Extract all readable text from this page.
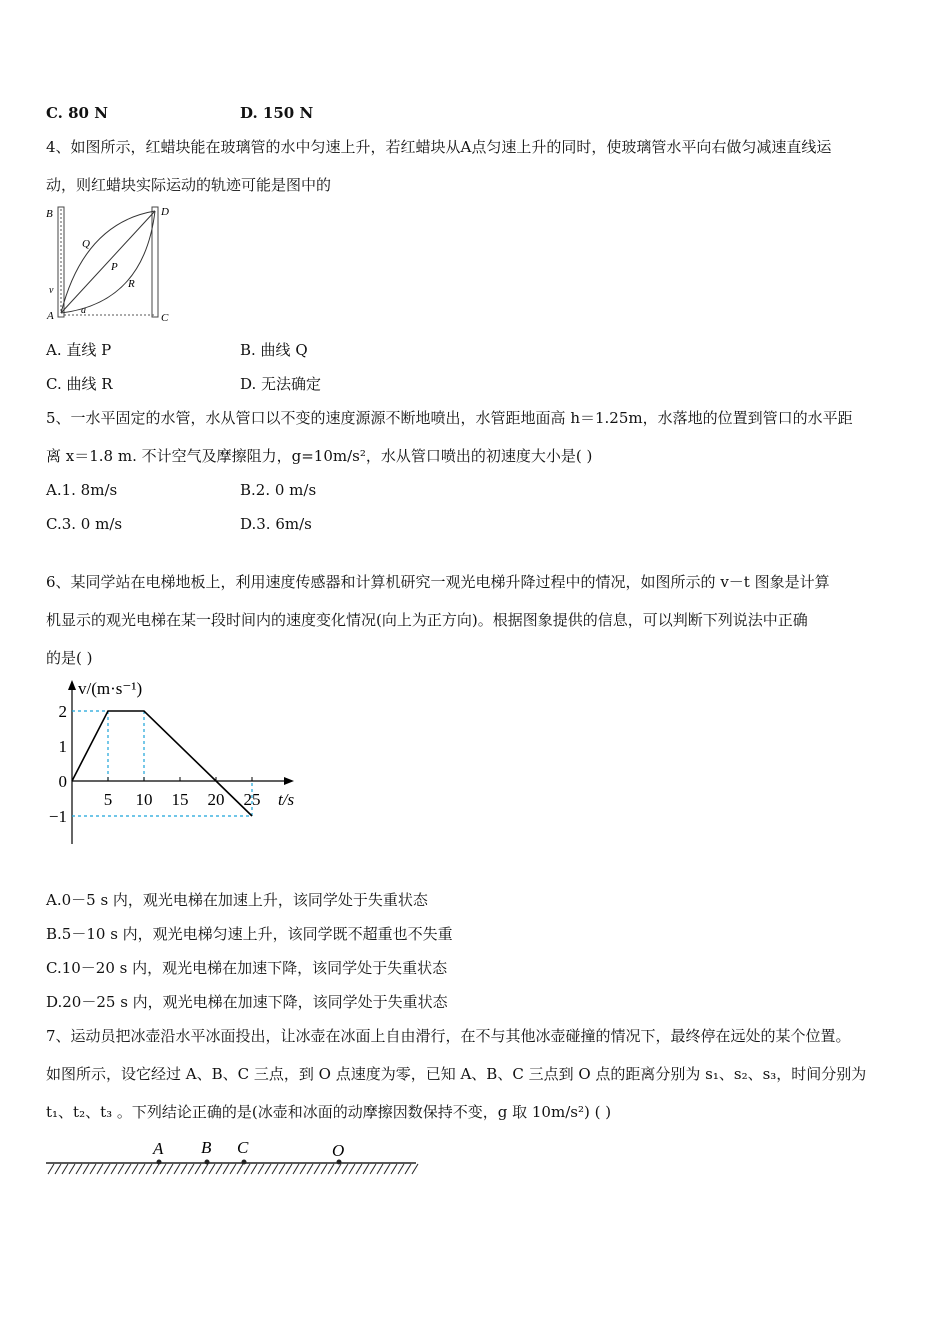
C. 80 N	D. 150 N
4、如图所示，红蜡块能在玻璃管的水中匀速上升，若红蜡块从A点匀速上升的同时，使玻璃管水平向右做匀减速直线运
动，则红蜡块实际运动的轨迹可能是图中的
B	D
Q
P
R
v
A	a
C
A. 直线 P	B. 曲线 Q
C. 曲线 R	D. 无法确定
5、一水平固定的水管，水从管口以不变的速度源源不断地喷出，水管距地面高 h＝1.25m，水落地的位置到管口的水平距
离 x＝1.8 m. 不计空气及摩擦阻力，g=10m/s²，水从管口喷出的初速度大小是( )
A.1. 8m/s	B.2. 0 m/s
C.3. 0 m/s	D.3. 6m/s
6、某同学站在电梯地板上，利用速度传感器和计算机研究一观光电梯升降过程中的情况，如图所示的 v－t 图象是计算
机显示的观光电梯在某一段时间内的速度变化情况(向上为正方向)。根据图象提供的信息，可以判断下列说法中正确
的是( )
5 10 15 20 25
2
1
0
−1
v/(m·s⁻¹)
t/s
A.0－5 s 内，观光电梯在加速上升，该同学处于失重状态
B.5－10 s 内，观光电梯匀速上升，该同学既不超重也不失重
C.10－20 s 内，观光电梯在加速下降，该同学处于失重状态
D.20－25 s 内，观光电梯在加速下降，该同学处于失重状态
7、运动员把冰壶沿水平冰面投出，让冰壶在冰面上自由滑行，在不与其他冰壶碰撞的情况下，最终停在远处的某个位置。
如图所示，设它经过 A、B、C 三点，到 O 点速度为零，已知 A、B、C 三点到 O 点的距离分别为 s₁、s₂、s₃，时间分别为
t₁、t₂、t₃ 。下列结论正确的是(冰壶和冰面的动摩擦因数保持不变，g 取 10m/s²) ( )
A B C	O
